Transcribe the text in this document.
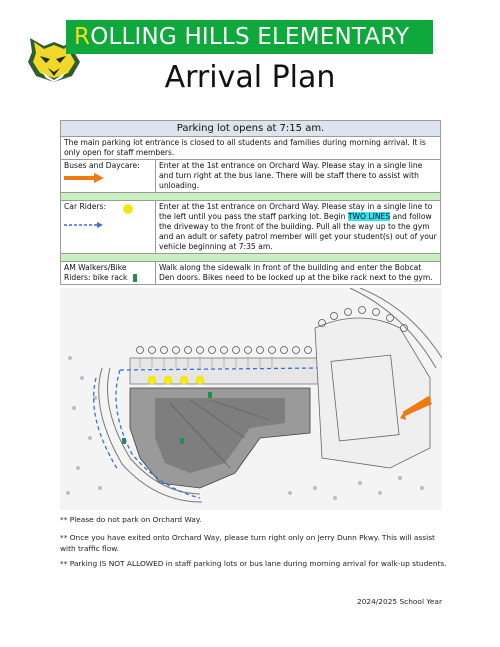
ROLLING HILLS ELEMENTARY
Arrival Plan
Parking lot opens at 7:15 am.	
The main parking lot entrance is closed to all students and families during morning arrival. It is only open for staff members.	

Buses and Daycare:	Enter at the 1st entrance on Orchard Way. Please stay in a single line and turn right at the bus lane. There will be staff there to assist with unloading.

Car Riders:	Enter at the 1st entrance on Orchard Way. Please stay in a single line to the left until you pass the staff parking lot. Begin TWO LINES and follow the driveway to the front of the building. Pull all the way up to the gym and an adult or safety patrol member will get your student(s) out of your vehicle beginning at 7:35 am.

AM Walkers/Bike Riders: bike rack	Walk along the sidewalk in front of the building and enter the Bobcat Den doors. Bikes need to be locked up at the bike rack next to the gym.
** Please do not park on Orchard Way.
** Once you have exited onto Orchard Way, please turn right only on Jerry Dunn Pkwy. This will assist with traffic flow.
** Parking IS NOT ALLOWED in staff parking lots or bus lane during morning arrival for walk-up students.
2024/2025 School Year
